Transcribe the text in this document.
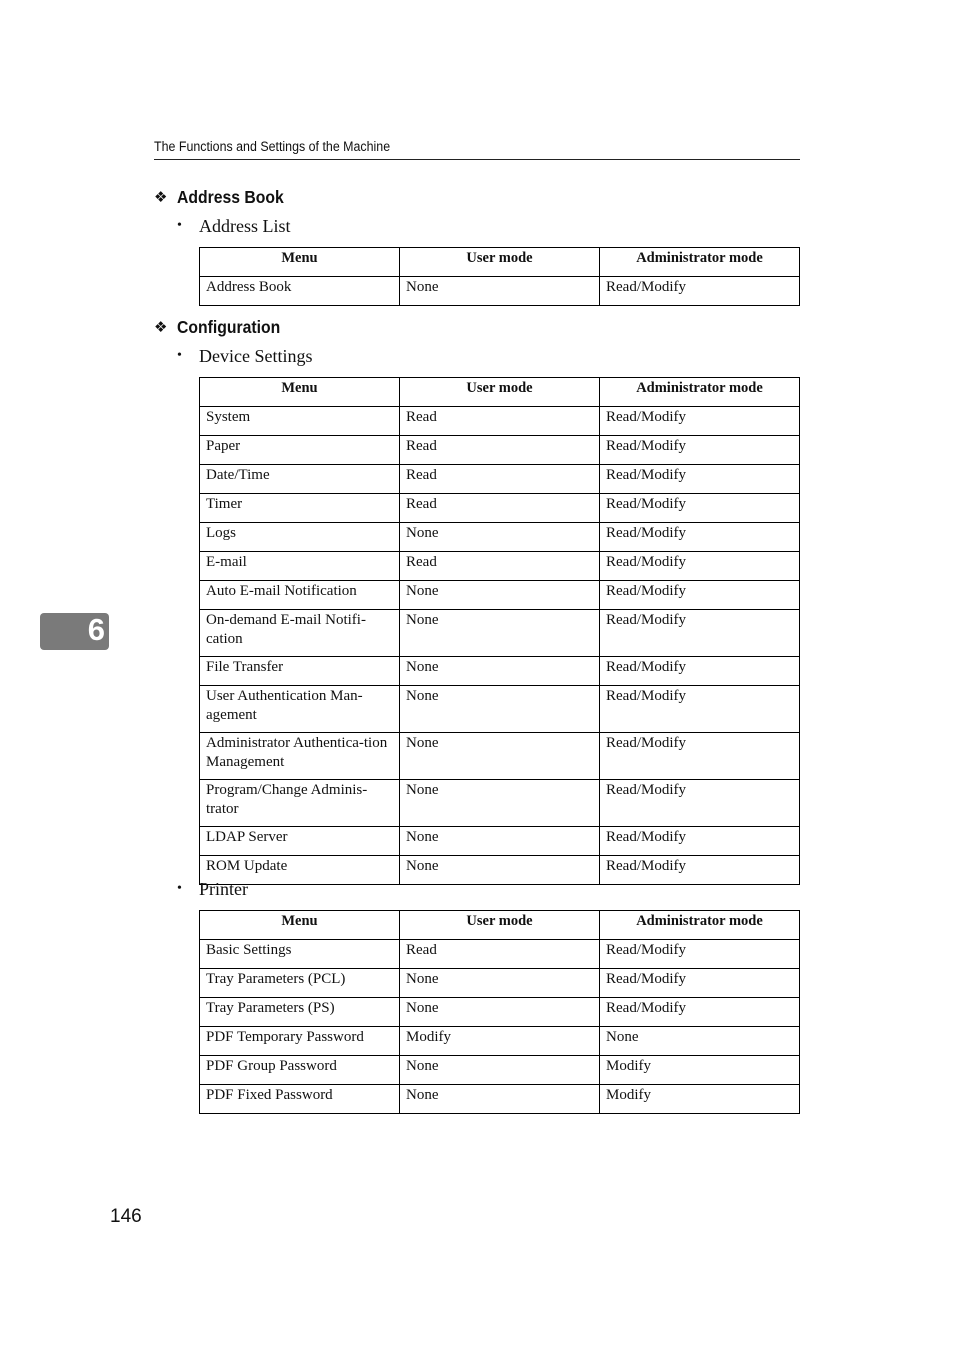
The Functions and Settings of the Machine
❖ Address Book
• Address List
Menu	User mode	Administrator mode
Address Book	None	Read/Modify
❖ Configuration
• Device Settings
Menu	User mode	Administrator mode
System	Read	Read/Modify
Paper	Read	Read/Modify
Date/Time	Read	Read/Modify
Timer	Read	Read/Modify
Logs	None	Read/Modify
E-mail	Read	Read/Modify
Auto E-mail Notification	None	Read/Modify
On-demand E-mail Notifi-cation	None	Read/Modify
File Transfer	None	Read/Modify
User Authentication Man-agement	None	Read/Modify
Administrator Authentica-tion Management	None	Read/Modify
Program/Change Adminis-trator	None	Read/Modify
LDAP Server	None	Read/Modify
ROM Update	None	Read/Modify
• Printer
Menu	User mode	Administrator mode
Basic Settings	Read	Read/Modify
Tray Parameters (PCL)	None	Read/Modify
Tray Parameters (PS)	None	Read/Modify
PDF Temporary Password	Modify	None
PDF Group Password	None	Modify
PDF Fixed Password	None	Modify
6
146
